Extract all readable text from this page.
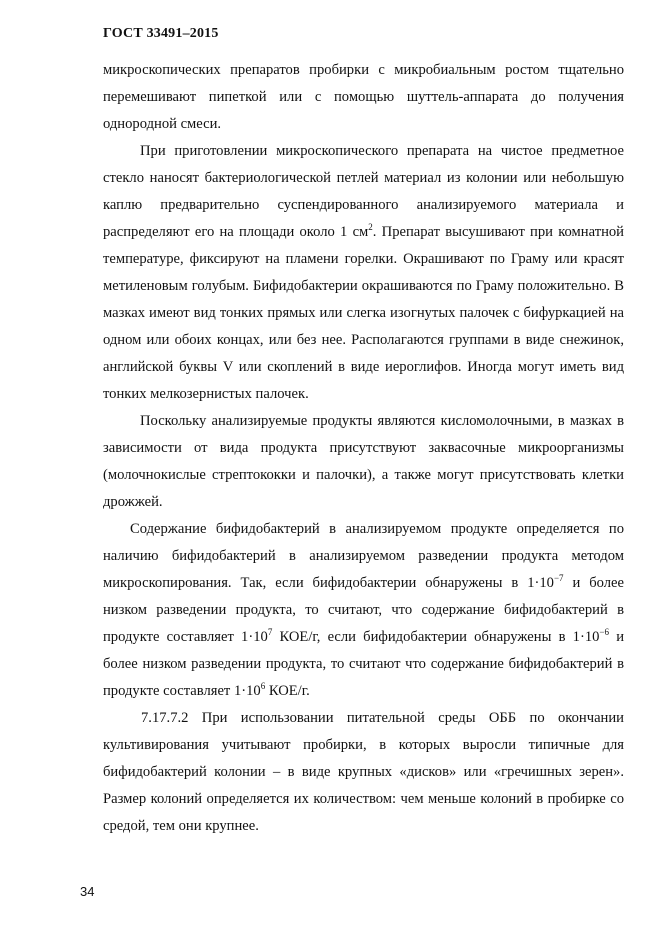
ГОСТ 33491–2015

микроскопических препаратов пробирки с микробиальным ростом тщательно перемешивают пипеткой или с помощью шуттель-аппарата до получения однородной смеси.

При приготовлении микроскопического препарата на чистое предметное стекло наносят бактериологической петлей материал из колонии или небольшую каплю предварительно суспендированного анализируемого материала и распределяют его на площади около 1 $см^2$. Препарат высушивают при комнатной температуре, фиксируют на пламени горелки. Окрашивают по Граму или красят метиленовым голубым. Бифидобактерии окрашиваются по Граму положительно. В мазках имеют вид тонких прямых или слегка изогнутых палочек с бифуркацией на одном или обоих концах, или без нее. Располагаются группами в виде снежинок, английской буквы V или скоплений в виде иероглифов. Иногда могут иметь вид тонких мелкозернистых палочек.

Поскольку анализируемые продукты являются кисломолочными, в мазках в зависимости от вида продукта присутствуют заквасочные микроорганизмы (молочнокислые стрептококки и палочки), а также могут присутствовать клетки дрожжей.

Содержание бифидобактерий в анализируемом продукте определяется по наличию бифидобактерий в анализируемом разведении продукта методом микроскопирования. Так, если бифидобактерии обнаружены в $1\cdot 10^{-7}$ и более низком разведении продукта, то считают, что содержание бифидобактерий в продукте составляет $1\cdot 10^7$ КОЕ/г, если бифидобактерии обнаружены в $1\cdot 10^{-6}$ и более низком разведении продукта, то считают что содержание бифидобактерий в продукте составляет $1\cdot 10^6$ КОЕ/г.

7.17.7.2 При использовании питательной среды ОББ по окончании культивирования учитывают пробирки, в которых выросли типичные для бифидобактерий колонии – в виде крупных «дисков» или «гречишных зерен». Размер колоний определяется их количеством: чем меньше колоний в пробирке со средой, тем они крупнее.

34
